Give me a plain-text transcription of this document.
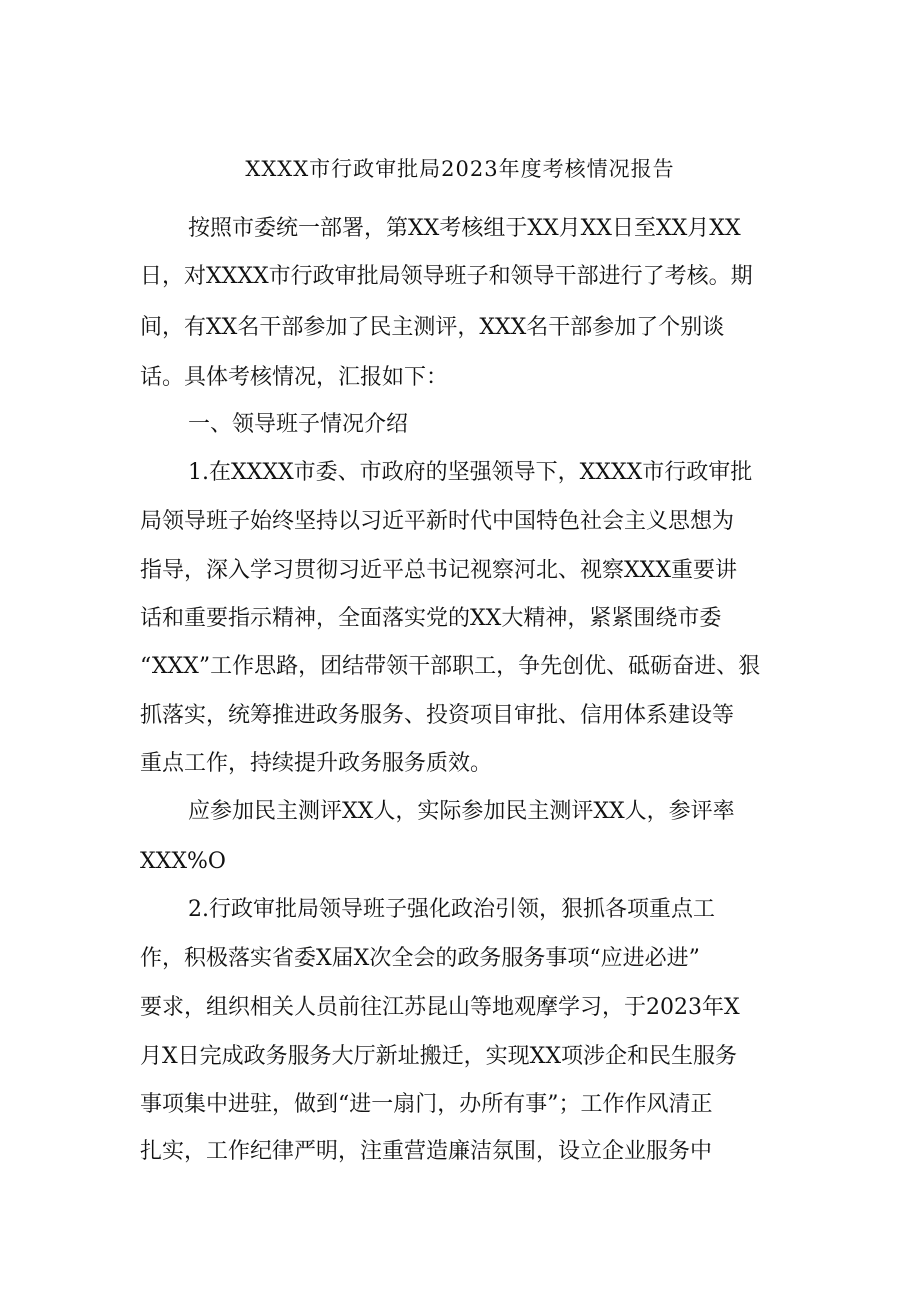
XXXX市行政审批局2023年度考核情况报告

按照市委统一部署，第XX考核组于XX月XX日至XX月XX

日，对XXXX市行政审批局领导班子和领导干部进行了考核。期

间，有XX名干部参加了民主测评，XXX名干部参加了个别谈

话。具体考核情况，汇报如下：

一、领导班子情况介绍

1.在XXXX市委、市政府的坚强领导下，XXXX市行政审批

局领导班子始终坚持以习近平新时代中国特色社会主义思想为

指导，深入学习贯彻习近平总书记视察河北、视察XXX重要讲

话和重要指示精神，全面落实党的XX大精神，紧紧围绕市委

“XXX”工作思路，团结带领干部职工，争先创优、砥砺奋进、狠

抓落实，统筹推进政务服务、投资项目审批、信用体系建设等

重点工作，持续提升政务服务质效。

应参加民主测评XX人，实际参加民主测评XX人，参评率

XXX%O

2.行政审批局领导班子强化政治引领，狠抓各项重点工

作，积极落实省委X届X次全会的政务服务事项“应进必进”

要求，组织相关人员前往江苏昆山等地观摩学习，于2023年X

月X日完成政务服务大厅新址搬迁，实现XX项涉企和民生服务

事项集中进驻，做到“进一扇门，办所有事”；工作作风清正

扎实，工作纪律严明，注重营造廉洁氛围，设立企业服务中
